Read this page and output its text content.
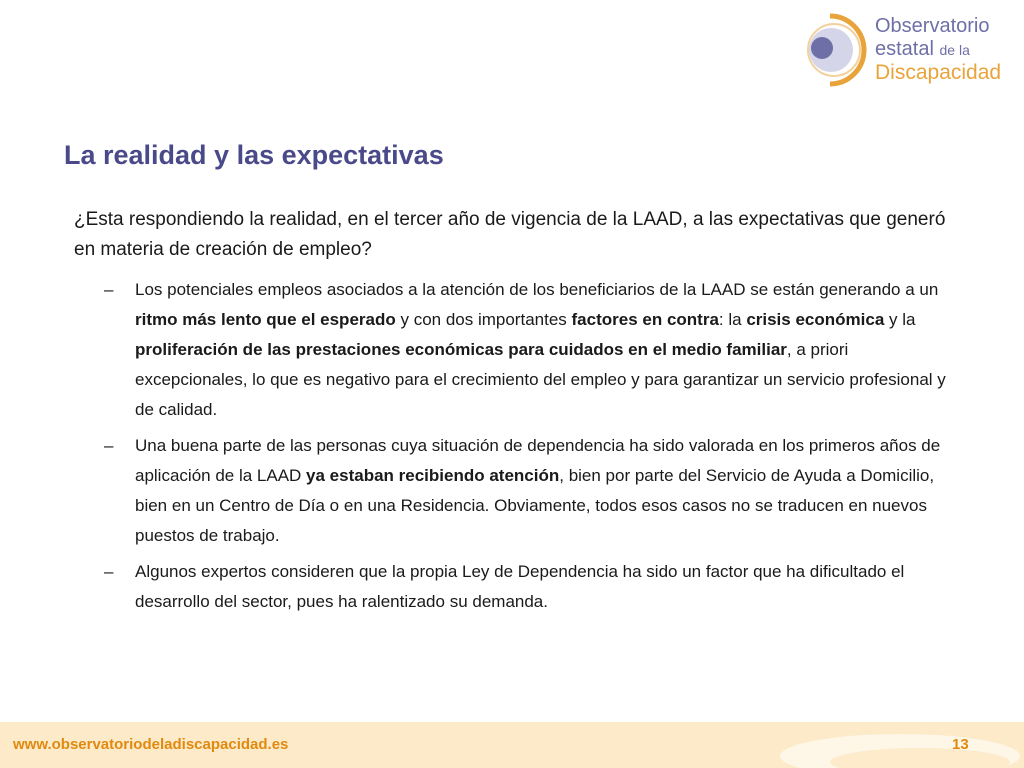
Observatorio
estatal de la
Discapacidad
La realidad y las expectativas

¿Esta respondiendo la realidad, en el tercer año de vigencia de la LAAD, a las expectativas que generó en materia de creación de empleo?

– Los potenciales empleos asociados a la atención de los beneficiarios de la LAAD se están generando a un ritmo más lento que el esperado y con dos importantes factores en contra: la crisis económica y la proliferación de las prestaciones económicas para cuidados en el medio familiar, a priori excepcionales, lo que es negativo para el crecimiento del empleo y para garantizar un servicio profesional y de calidad.
– Una buena parte de las personas cuya situación de dependencia ha sido valorada en los primeros años de aplicación de la LAAD ya estaban recibiendo atención, bien por parte del Servicio de Ayuda a Domicilio, bien en un Centro de Día o en una Residencia. Obviamente, todos esos casos no se traducen en nuevos puestos de trabajo.
– Algunos expertos consideren que la propia Ley de Dependencia ha sido un factor que ha dificultado el desarrollo del sector, pues ha ralentizado su demanda.
www.observatoriodeladiscapacidad.es	13
